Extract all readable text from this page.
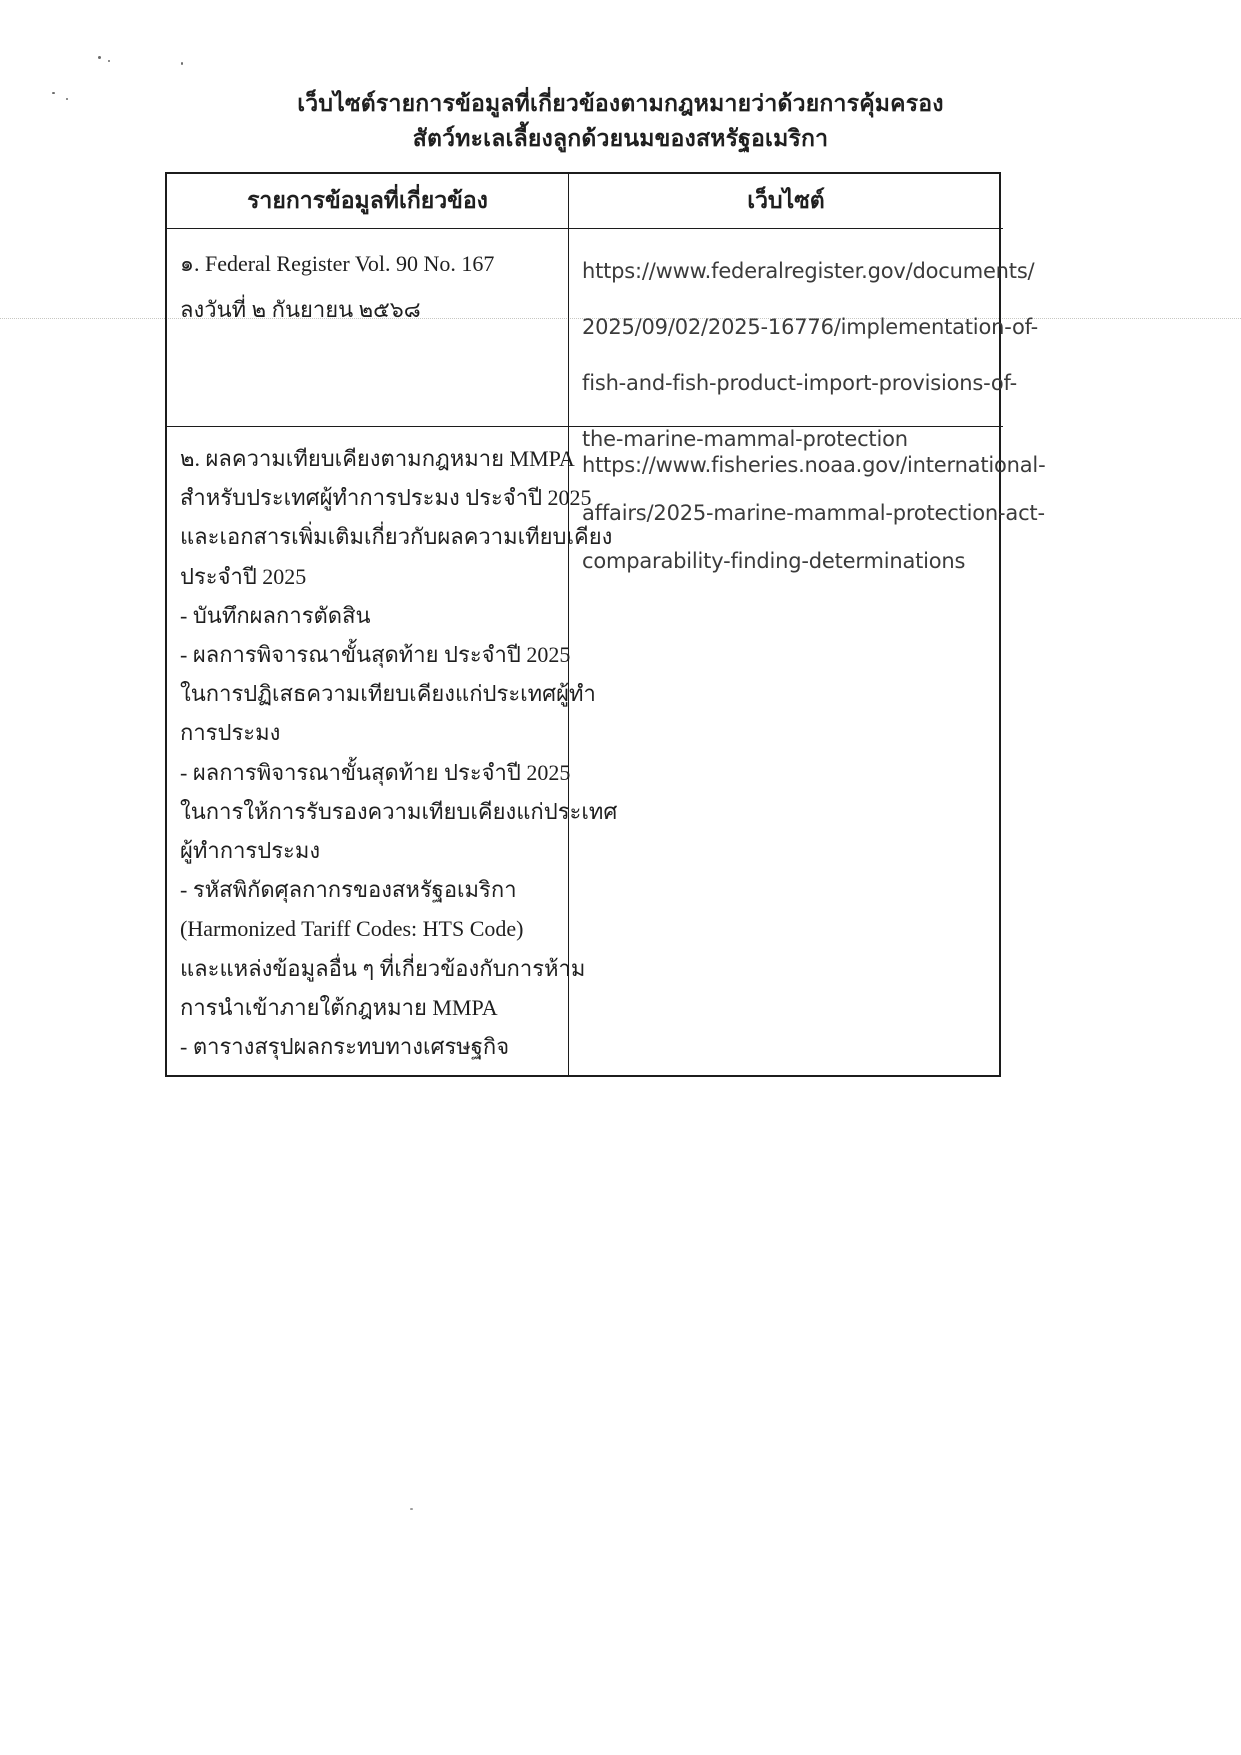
เว็บไซต์รายการข้อมูลที่เกี่ยวข้องตามกฎหมายว่าด้วยการคุ้มครอง
สัตว์ทะเลเลี้ยงลูกด้วยนมของสหรัฐอเมริกา
รายการข้อมูลที่เกี่ยวข้อง	เว็บไซต์
๑. Federal Register Vol. 90 No. 167
ลงวันที่ ๒ กันยายน ๒๕๖๘
https://www.federalregister.gov/documents/
2025/09/02/2025-16776/implementation-of-
fish-and-fish-product-import-provisions-of-
the-marine-mammal-protection
๒. ผลความเทียบเคียงตามกฎหมาย MMPA
สำหรับประเทศผู้ทำการประมง ประจำปี 2025
และเอกสารเพิ่มเติมเกี่ยวกับผลความเทียบเคียง
ประจำปี 2025
- บันทึกผลการตัดสิน
- ผลการพิจารณาขั้นสุดท้าย ประจำปี 2025
ในการปฏิเสธความเทียบเคียงแก่ประเทศผู้ทำ
การประมง
- ผลการพิจารณาขั้นสุดท้าย ประจำปี 2025
ในการให้การรับรองความเทียบเคียงแก่ประเทศ
ผู้ทำการประมง
- รหัสพิกัดศุลกากรของสหรัฐอเมริกา
(Harmonized Tariff Codes: HTS Code)
และแหล่งข้อมูลอื่น ๆ ที่เกี่ยวข้องกับการห้าม
การนำเข้าภายใต้กฎหมาย MMPA
- ตารางสรุปผลกระทบทางเศรษฐกิจ
https://www.fisheries.noaa.gov/international-
affairs/2025-marine-mammal-protection-act-
comparability-finding-determinations
